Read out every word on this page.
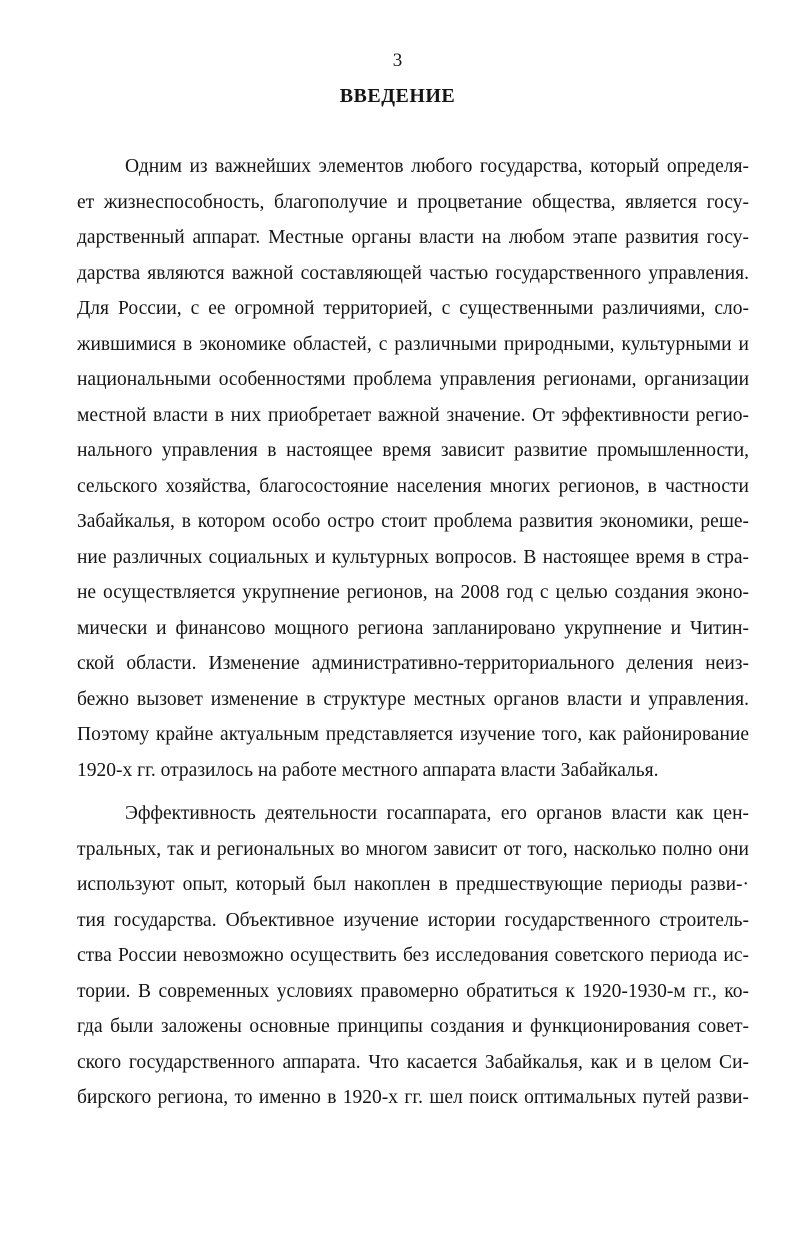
3
ВВЕДЕНИЕ
Одним из важнейших элементов любого государства, который определя-
ет жизнеспособность, благополучие и процветание общества, является госу-
дарственный аппарат. Местные органы власти на любом этапе развития госу-
дарства являются важной составляющей частью государственного управления.
Для России, с ее огромной территорией, с существенными различиями, сло-
жившимися в экономике областей, с различными природными, культурными и
национальными особенностями проблема управления регионами, организации
местной власти в них приобретает важной значение. От эффективности регио-
нального управления в настоящее время зависит развитие промышленности,
сельского хозяйства, благосостояние населения многих регионов, в частности
Забайкалья, в котором особо остро стоит проблема развития экономики, реше-
ние различных социальных и культурных вопросов. В настоящее время в стра-
не осуществляется укрупнение регионов, на 2008 год с целью создания эконо-
мически и финансово мощного региона запланировано укрупнение и Читин-
ской области. Изменение административно-территориального деления неиз-
бежно вызовет изменение в структуре местных органов власти и управления.
Поэтому крайне актуальным представляется изучение того, как районирование
1920-х гг. отразилось на работе местного аппарата власти Забайкалья.
Эффективность деятельности госаппарата, его органов власти как цен-
тральных, так и региональных во многом зависит от того, насколько полно они
используют опыт, который был накоплен в предшествующие периоды разви-·
тия государства. Объективное изучение истории государственного строитель-
ства России невозможно осуществить без исследования советского периода ис-
тории. В современных условиях правомерно обратиться к 1920-1930-м гг., ко-
гда были заложены основные принципы создания и функционирования совет-
ского государственного аппарата. Что касается Забайкалья, как и в целом Си-
бирского региона, то именно в 1920-х гг. шел поиск оптимальных путей разви-
